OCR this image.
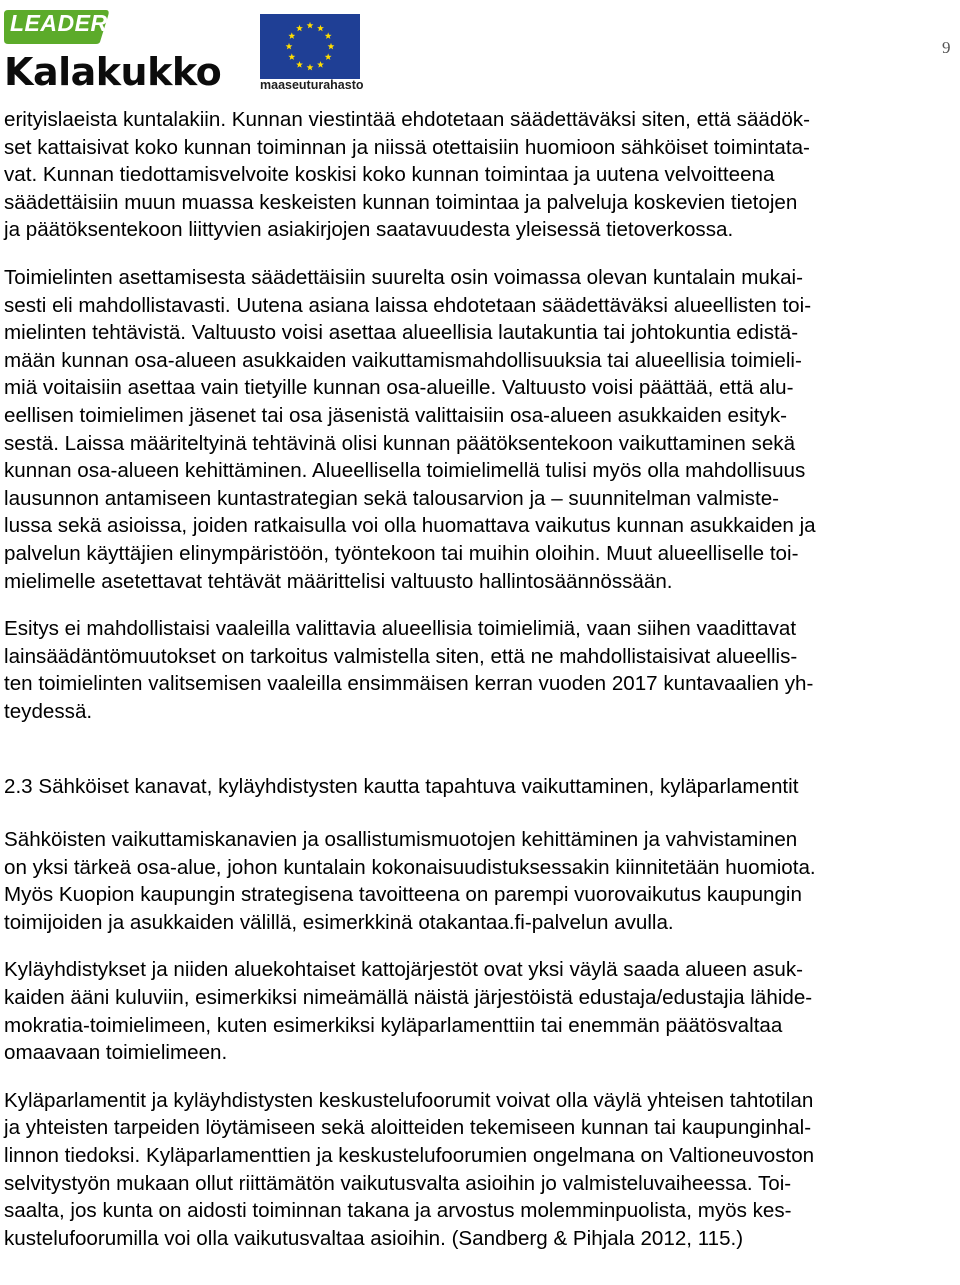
LEADER
Kalakukko	maaseuturahasto
9

erityislaeista kuntalakiin. Kunnan viestintää ehdotetaan säädettäväksi siten, että säädök-
set kattaisivat koko kunnan toiminnan ja niissä otettaisiin huomioon sähköiset toimintata-
vat. Kunnan tiedottamisvelvoite koskisi koko kunnan toimintaa ja uutena velvoitteena
säädettäisiin muun muassa keskeisten kunnan toimintaa ja palveluja koskevien tietojen
ja päätöksentekoon liittyvien asiakirjojen saatavuudesta yleisessä tietoverkossa.

Toimielinten asettamisesta säädettäisiin suurelta osin voimassa olevan kuntalain mukai-
sesti eli mahdollistavasti. Uutena asiana laissa ehdotetaan säädettäväksi alueellisten toi-
mielinten tehtävistä. Valtuusto voisi asettaa alueellisia lautakuntia tai johtokuntia edistä-
mään kunnan osa-alueen asukkaiden vaikuttamismahdollisuuksia tai alueellisia toimieli-
miä voitaisiin asettaa vain tietyille kunnan osa-alueille. Valtuusto voisi päättää, että alu-
eellisen toimielimen jäsenet tai osa jäsenistä valittaisiin osa-alueen asukkaiden esityk-
sestä. Laissa määriteltyinä tehtävinä olisi kunnan päätöksentekoon vaikuttaminen sekä
kunnan osa-alueen kehittäminen. Alueellisella toimielimellä tulisi myös olla mahdollisuus
lausunnon antamiseen kuntastrategian sekä talousarvion ja – suunnitelman valmiste-
lussa sekä asioissa, joiden ratkaisulla voi olla huomattava vaikutus kunnan asukkaiden ja
palvelun käyttäjien elinympäristöön, työntekoon tai muihin oloihin. Muut alueelliselle toi-
mielimelle asetettavat tehtävät määrittelisi valtuusto hallintosäännössään.

Esitys ei mahdollistaisi vaaleilla valittavia alueellisia toimielimiä, vaan siihen vaadittavat
lainsäädäntömuutokset on tarkoitus valmistella siten, että ne mahdollistaisivat alueellis-
ten toimielinten valitsemisen vaaleilla ensimmäisen kerran vuoden 2017 kuntavaalien yh-
teydessä.

2.3 Sähköiset kanavat, kyläyhdistysten kautta tapahtuva vaikuttaminen, kyläparlamentit

Sähköisten vaikuttamiskanavien ja osallistumismuotojen kehittäminen ja vahvistaminen
on yksi tärkeä osa-alue, johon kuntalain kokonaisuudistuksessakin kiinnitetään huomiota.
Myös Kuopion kaupungin strategisena tavoitteena on parempi vuorovaikutus kaupungin
toimijoiden ja asukkaiden välillä, esimerkkinä otakantaa.fi-palvelun avulla.

Kyläyhdistykset ja niiden aluekohtaiset kattojärjestöt ovat yksi väylä saada alueen asuk-
kaiden ääni kuluviin, esimerkiksi nimeämällä näistä järjestöistä edustaja/edustajia lähide-
mokratia-toimielimeen, kuten esimerkiksi kyläparlamenttiin tai enemmän päätösvaltaa
omaavaan toimielimeen.

Kyläparlamentit ja kyläyhdistysten keskustelufoorumit voivat olla väylä yhteisen tahtotilan
ja yhteisten tarpeiden löytämiseen sekä aloitteiden tekemiseen kunnan tai kaupunginhal-
linnon tiedoksi. Kyläparlamenttien ja keskustelufoorumien ongelmana on Valtioneuvoston
selvitystyön mukaan ollut riittämätön vaikutusvalta asioihin jo valmisteluvaiheessa. Toi-
saalta, jos kunta on aidosti toiminnan takana ja arvostus molemminpuolista, myös kes-
kustelufoorumilla voi olla vaikutusvaltaa asioihin. (Sandberg & Pihjala 2012, 115.)
